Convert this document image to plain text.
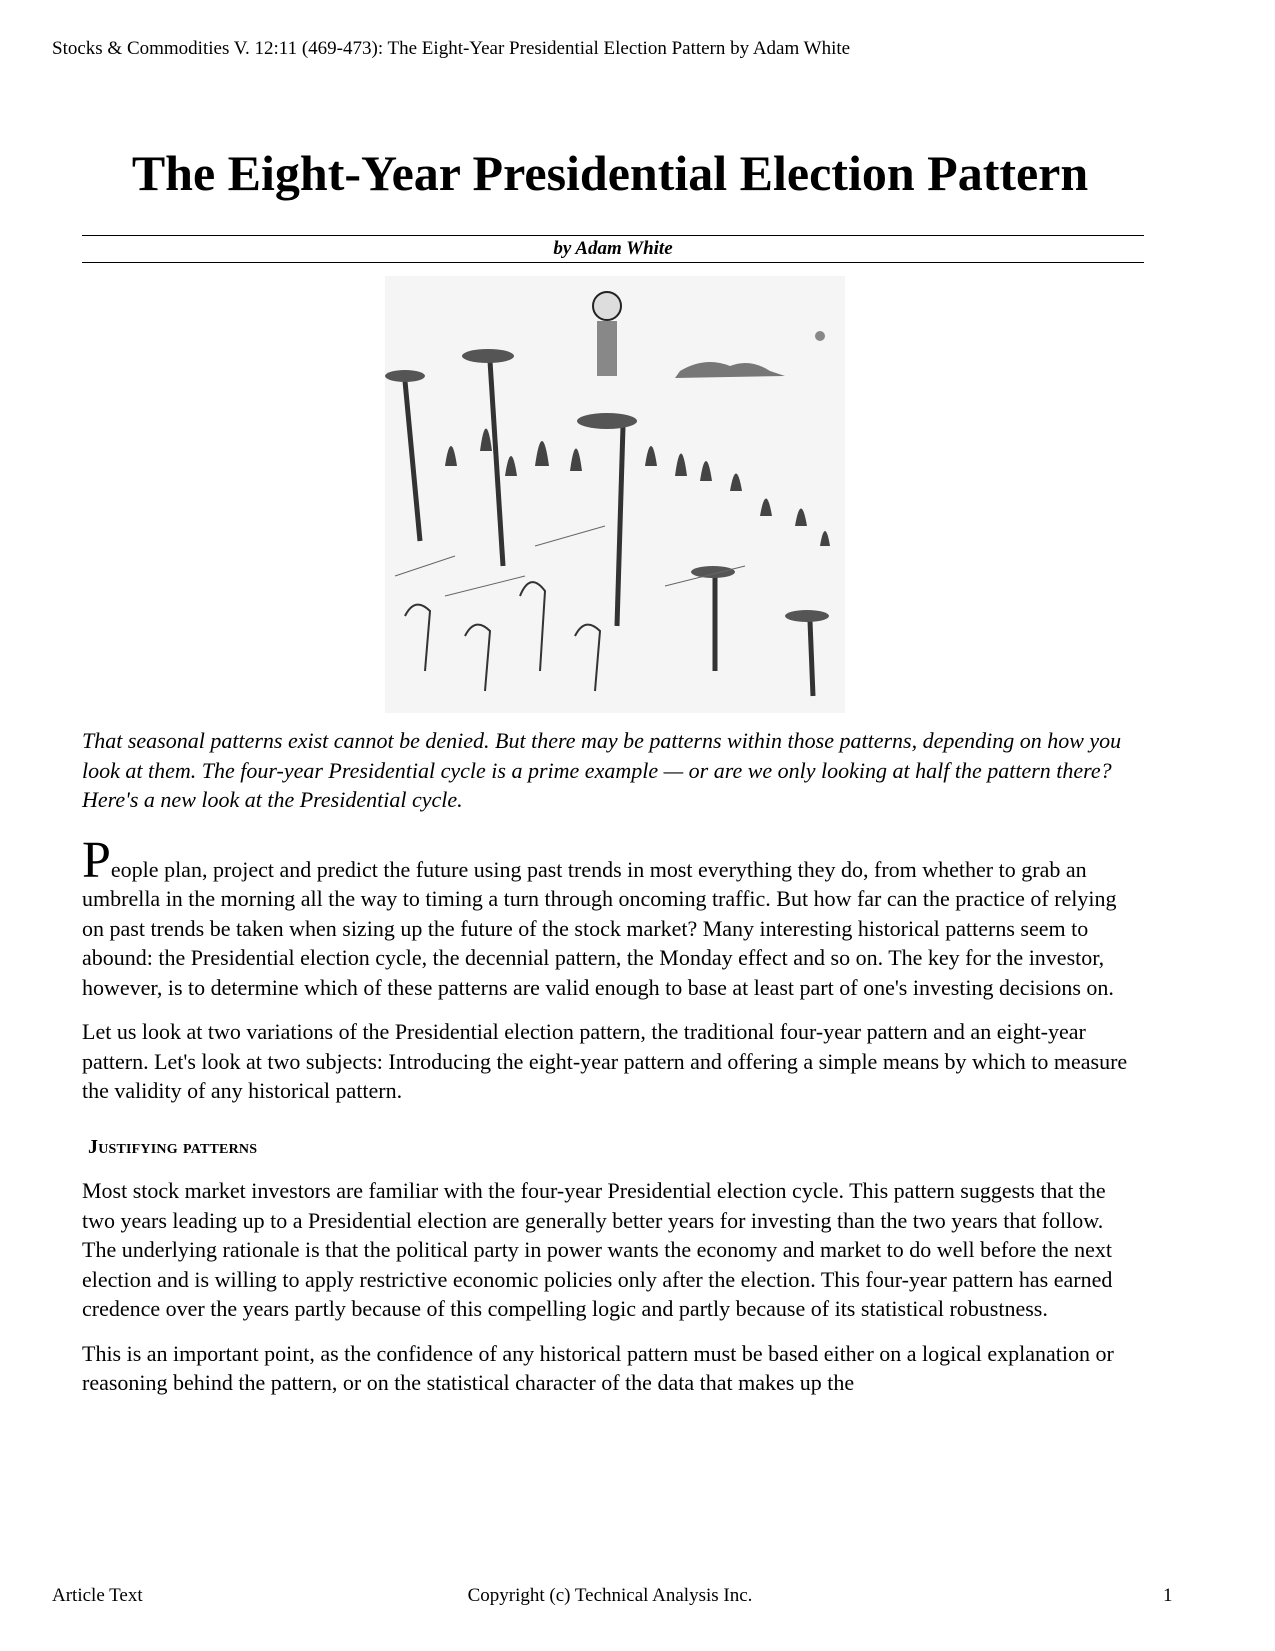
Stocks & Commodities V. 12:11 (469-473): The Eight-Year Presidential Election Pattern by Adam White
The Eight-Year Presidential Election Pattern
by Adam White

That seasonal patterns exist cannot be denied. But there may be patterns within those patterns, depending on how you look at them. The four-year Presidential cycle is a prime example — or are we only looking at half the pattern there? Here's a new look at the Presidential cycle.

People plan, project and predict the future using past trends in most everything they do, from whether to grab an umbrella in the morning all the way to timing a turn through oncoming traffic. But how far can the practice of relying on past trends be taken when sizing up the future of the stock market? Many interesting historical patterns seem to abound: the Presidential election cycle, the decennial pattern, the Monday effect and so on. The key for the investor, however, is to determine which of these patterns are valid enough to base at least part of one's investing decisions on.

Let us look at two variations of the Presidential election pattern, the traditional four-year pattern and an eight-year pattern. Let's look at two subjects: Introducing the eight-year pattern and offering a simple means by which to measure the validity of any historical pattern.

Justifying patterns

Most stock market investors are familiar with the four-year Presidential election cycle. This pattern suggests that the two years leading up to a Presidential election are generally better years for investing than the two years that follow. The underlying rationale is that the political party in power wants the economy and market to do well before the next election and is willing to apply restrictive economic policies only after the election. This four-year pattern has earned credence over the years partly because of this compelling logic and partly because of its statistical robustness.

This is an important point, as the confidence of any historical pattern must be based either on a logical explanation or reasoning behind the pattern, or on the statistical character of the data that makes up the

Article Text	Copyright (c) Technical Analysis Inc.	1
